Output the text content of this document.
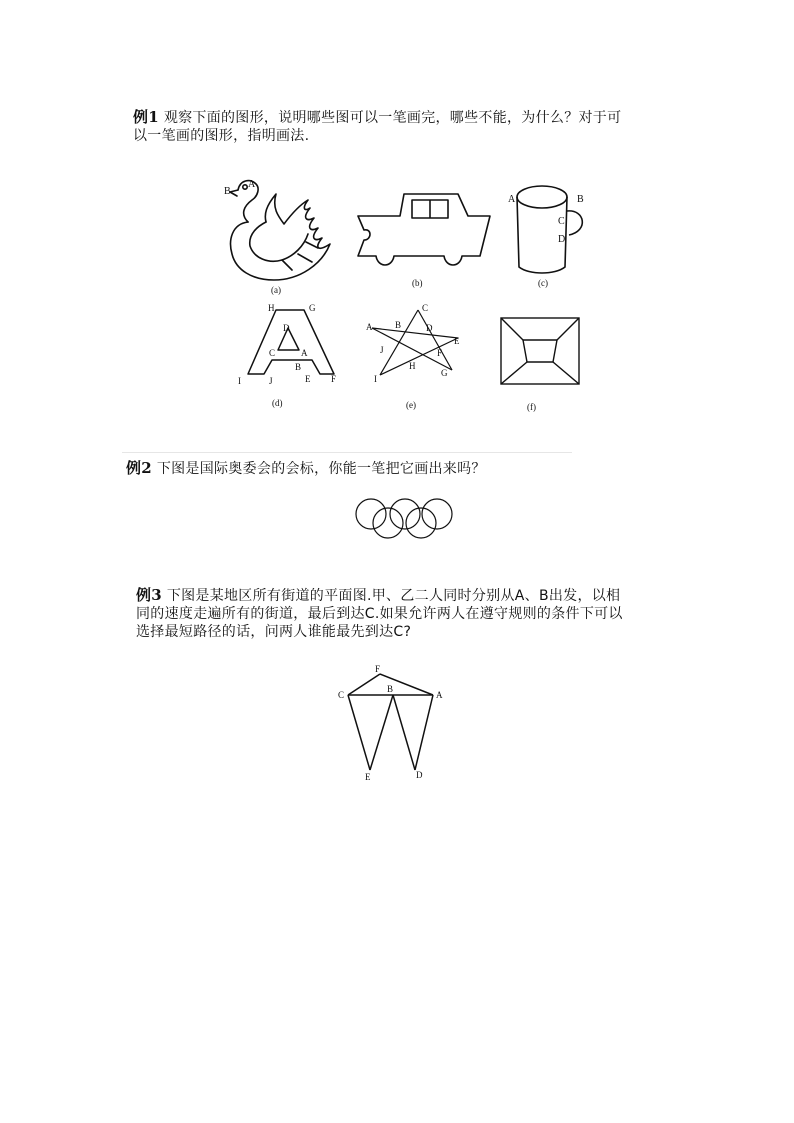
例1 观察下面的图形，说明哪些图可以一笔画完，哪些不能，为什么？对于可
以一笔画的图形，指明画法.
A
B
(a)
(b)
A	B
C
D
(c)
H	G
D
C	A
B
I	J	E F
(d)
C
A	B	D
E
J	F
H
I
G
(e)	(f)
例2 下图是国际奥委会的会标，你能一笔把它画出来吗？
例3 下图是某地区所有街道的平面图.甲、乙二人同时分别从A、B出发，以相
同的速度走遍所有的街道，最后到达C.如果允许两人在遵守规则的条件下可以
选择最短路径的话，问两人谁能最先到达C?
F
C
B
A
E	D
